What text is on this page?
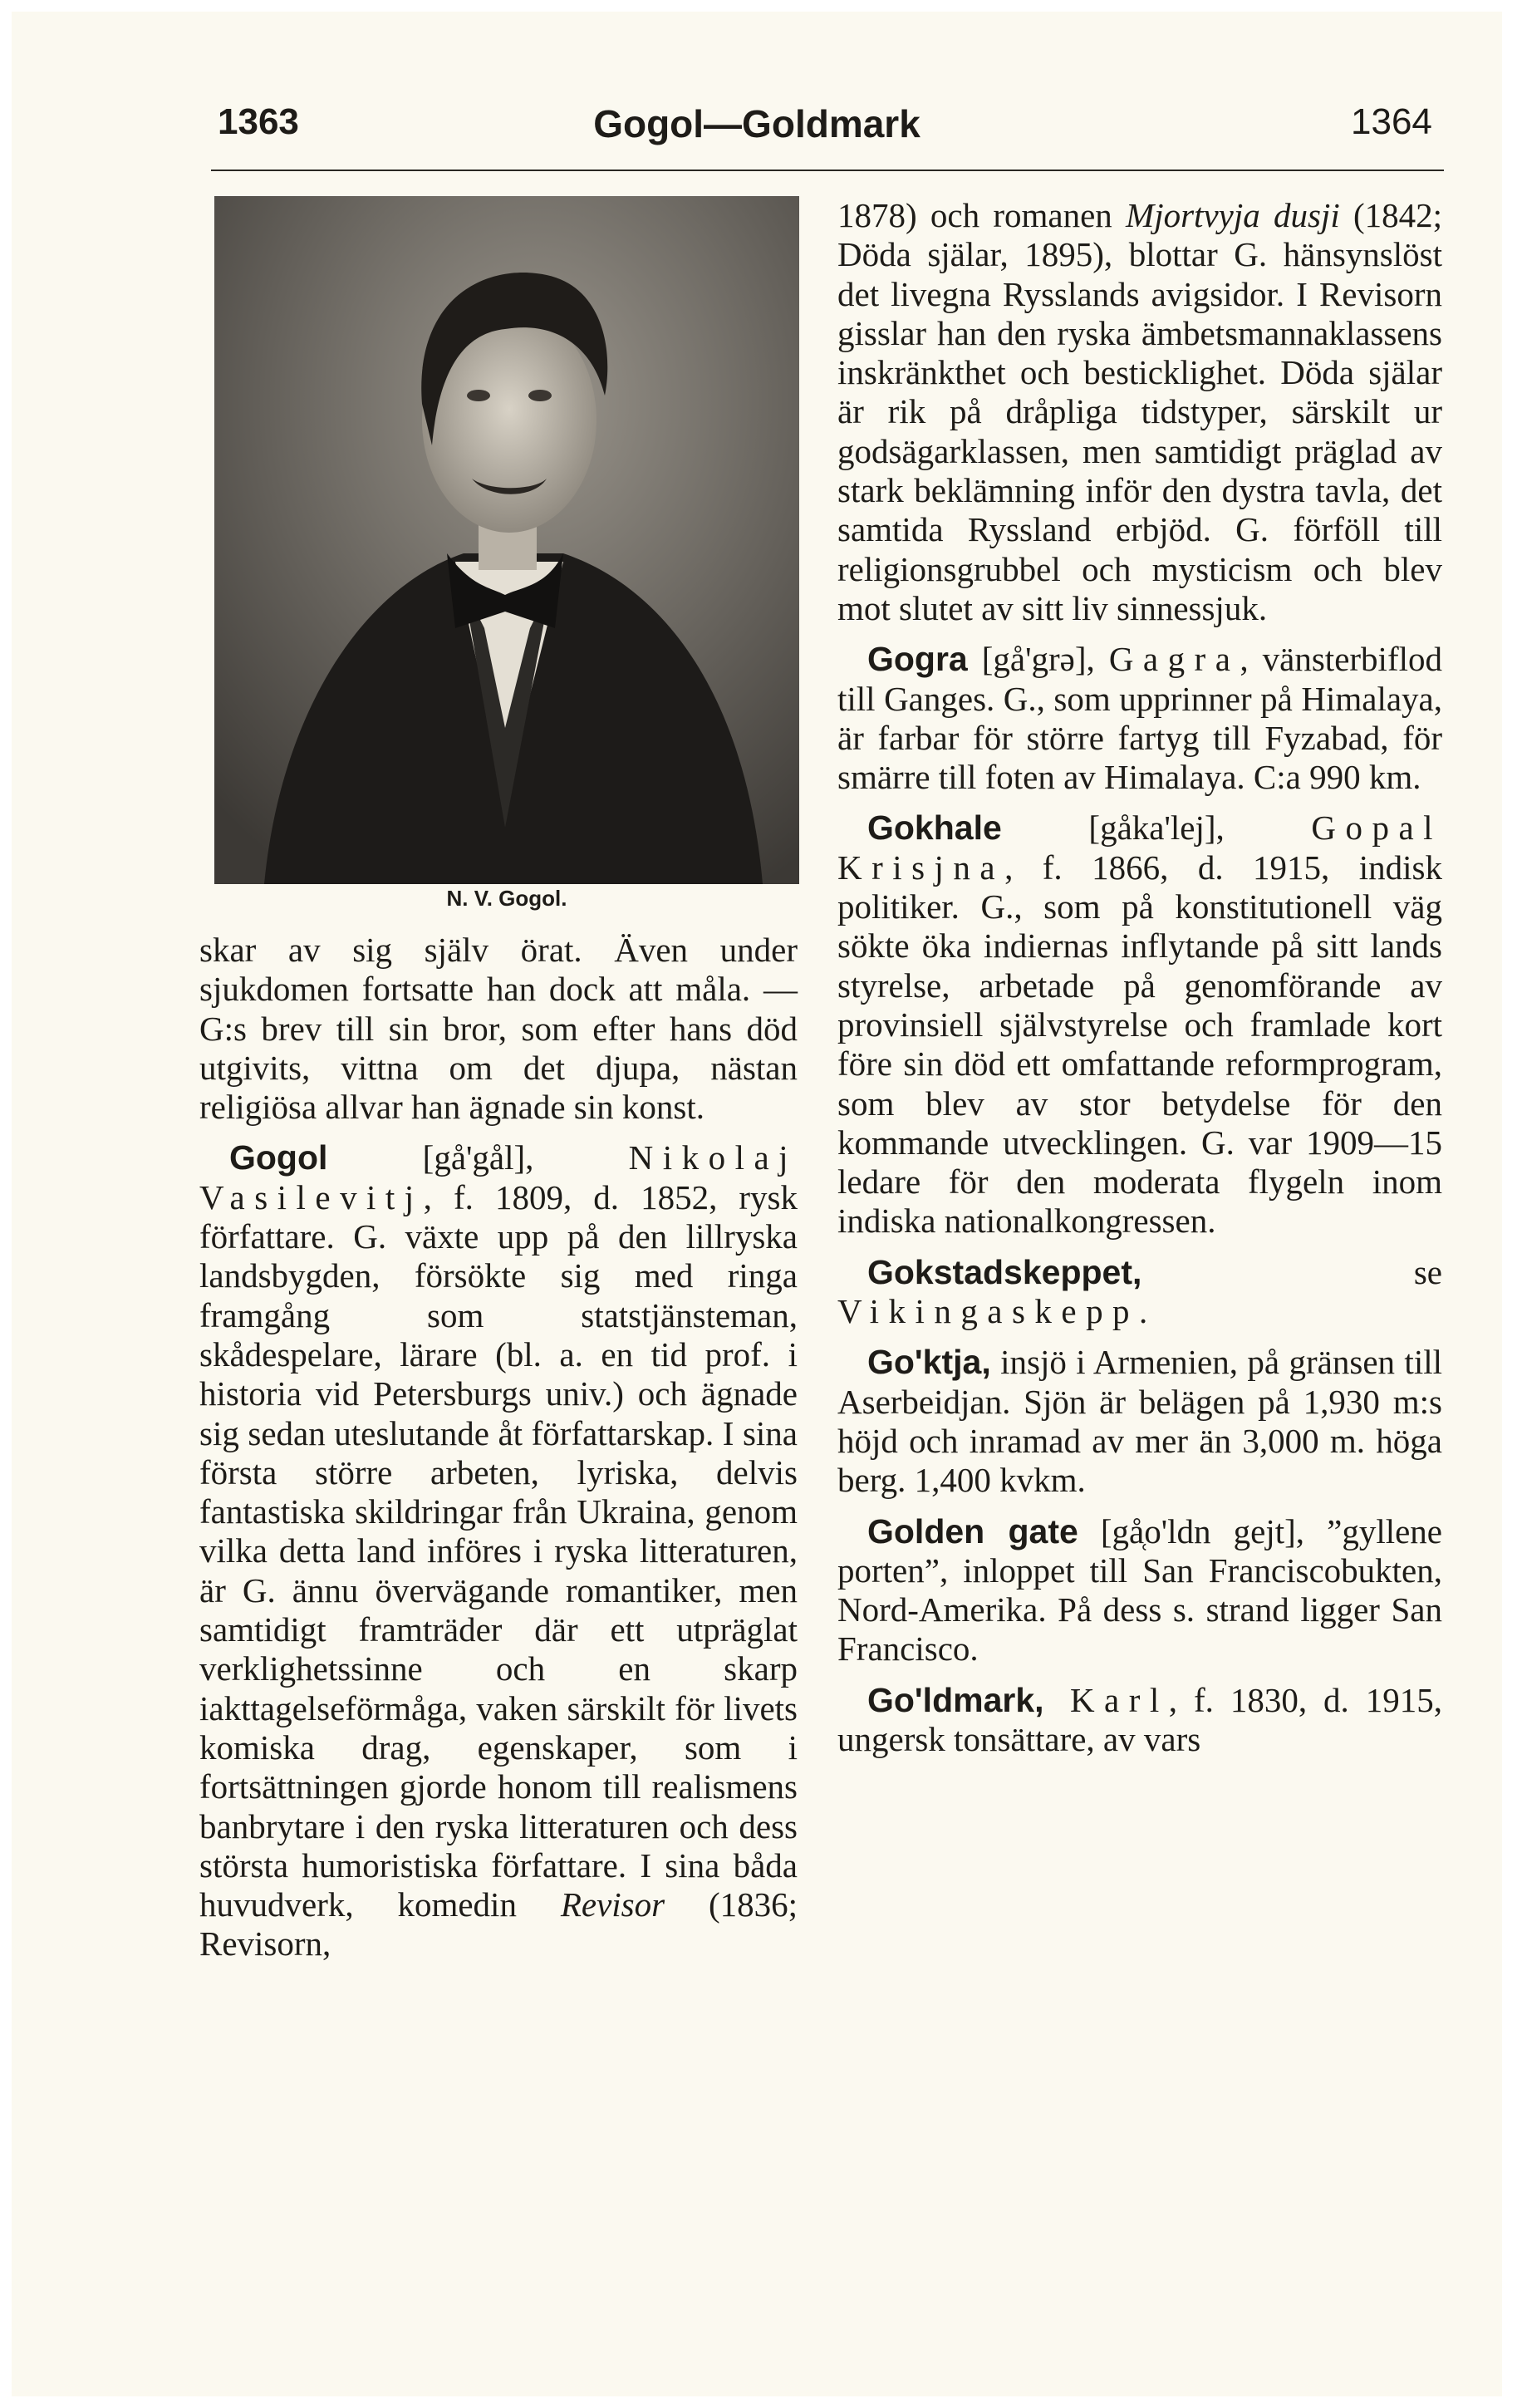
1363	Gogol—Goldmark	1364
N. V. Gogol.

skar av sig själv örat. Även under sjukdomen fortsatte han dock att måla. — G:s brev till sin bror, som efter hans död utgivits, vittna om det djupa, nästan religiösa allvar han ägnade sin konst.

Gogol [gå'gål], Nikolaj Vasilevitj, f. 1809, d. 1852, rysk författare. G. växte upp på den lillryska landsbygden, försökte sig med ringa framgång som statstjänsteman, skådespelare, lärare (bl. a. en tid prof. i historia vid Petersburgs univ.) och ägnade sig sedan uteslutande åt författarskap. I sina första större arbeten, lyriska, delvis fantastiska skildringar från Ukraina, genom vilka detta land införes i ryska litteraturen, är G. ännu övervägande romantiker, men samtidigt framträder där ett utpräglat verklighetssinne och en skarp iakttagelseförmåga, vaken särskilt för livets komiska drag, egenskaper, som i fortsättningen gjorde honom till realismens banbrytare i den ryska litteraturen och dess största humoristiska författare. I sina båda huvudverk, komedin Revisor (1836; Revisorn,

1878) och romanen Mjortvyja dusji (1842; Döda själar, 1895), blottar G. hänsynslöst det livegna Rysslands avigsidor. I Revisorn gisslar han den ryska ämbetsmannaklassens inskränkthet och besticklighet. Döda själar är rik på dråpliga tidstyper, särskilt ur godsägarklassen, men samtidigt präglad av stark beklämning inför den dystra tavla, det samtida Ryssland erbjöd. G. förföll till religionsgrubbel och mysticism och blev mot slutet av sitt liv sinnessjuk.

Gogra [gå'grə], Gagra, vänsterbiflod till Ganges. G., som upprinner på Himalaya, är farbar för större fartyg till Fyzabad, för smärre till foten av Himalaya. C:a 990 km.

Gokhale [gåka'lej], Gopal Krisjna, f. 1866, d. 1915, indisk politiker. G., som på konstitutionell väg sökte öka indiernas inflytande på sitt lands styrelse, arbetade på genomförande av provinsiell självstyrelse och framlade kort före sin död ett omfattande reformprogram, som blev av stor betydelse för den kommande utvecklingen. G. var 1909—15 ledare för den moderata flygeln inom indiska nationalkongressen.

Gokstadskeppet, se Vikingaskepp.

Go'ktja, insjö i Armenien, på gränsen till Aserbeidjan. Sjön är belägen på 1,930 m:s höjd och inramad av mer än 3,000 m. höga berg. 1,400 kvkm.

Golden gate [gå̜o'ldn gejt], ”gyllene porten”, inloppet till San Franciscobukten, Nord-Amerika. På dess s. strand ligger San Francisco.

Go'ldmark, Karl, f. 1830, d. 1915, ungersk tonsättare, av vars
